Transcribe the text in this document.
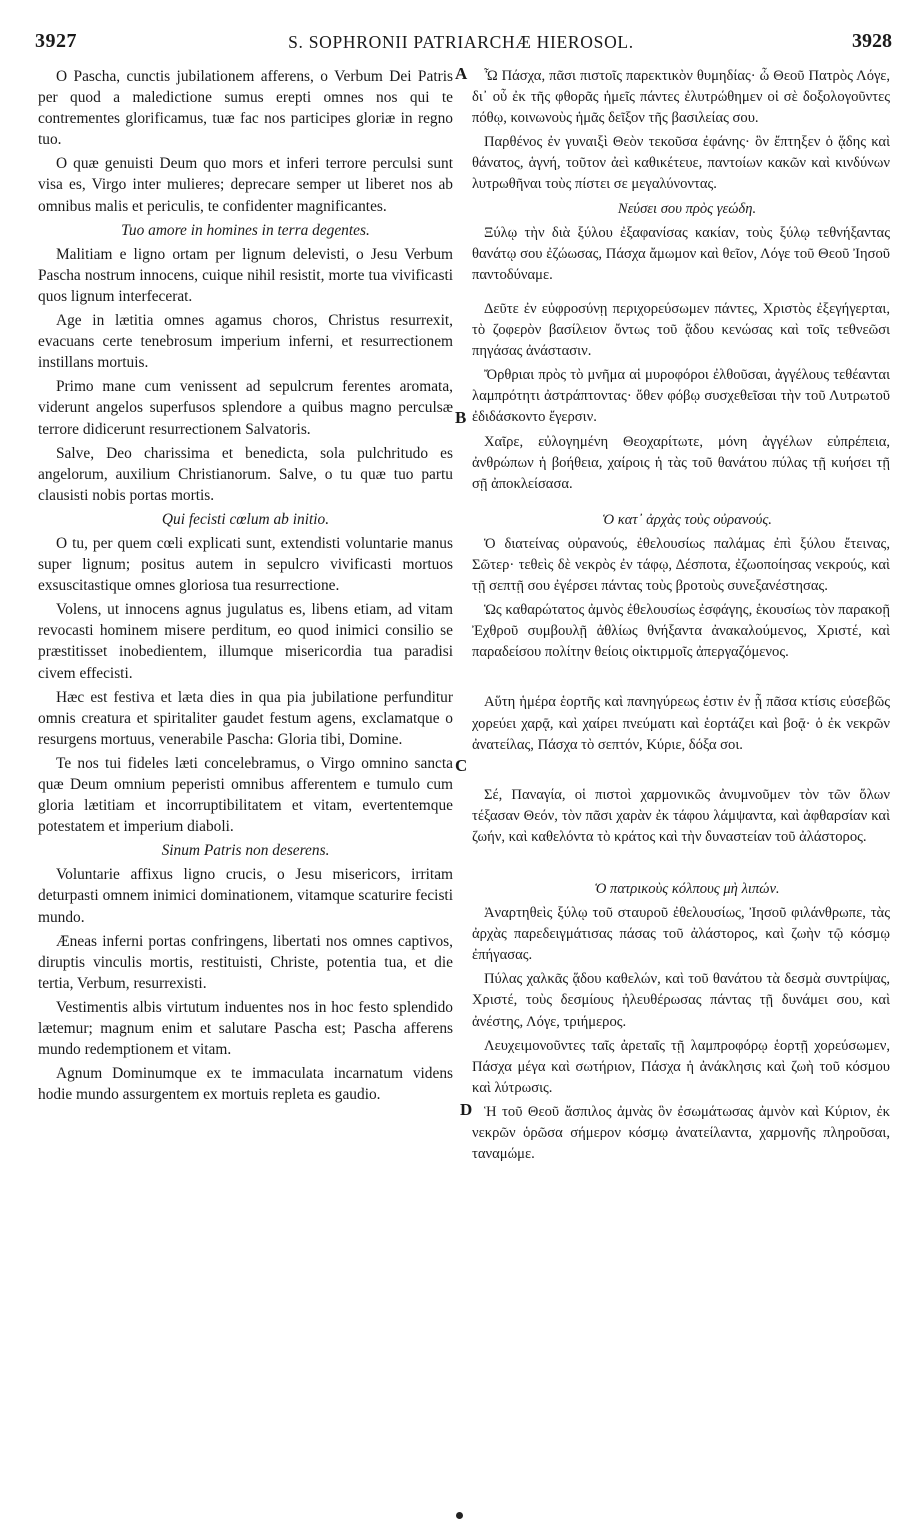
3927	S. SOPHRONII PATRIARCHÆ HIEROSOL.	3928

O Pascha, cunctis jubilationem afferens, o Verbum Dei Patris per quod a maledictione sumus erepti omnes nos qui te contrementes glorificamus, tuæ fac nos participes gloriæ in regno tuo.

O quæ genuisti Deum quo mors et inferi terrore perculsi sunt visa es, Virgo inter mulieres; deprecare semper ut liberet nos ab omnibus malis et periculis, te confidenter magnificantes.

Tuo amore in homines in terra degentes.

Malitiam e ligno ortam per lignum delevisti, o Jesu Verbum Pascha nostrum innocens, cuique nihil resistit, morte tua vivificasti quos lignum interfecerat.

Age in lætitia omnes agamus choros, Christus resurrexit, evacuans certe tenebrosum imperium inferni, et resurrectionem instillans mortuis.

Primo mane cum venissent ad sepulcrum ferentes aromata, viderunt angelos superfusos splendore a quibus magno perculsæ terrore didicerunt resurrectionem Salvatoris.

Salve, Deo charissima et benedicta, sola pulchritudo es angelorum, auxilium Christianorum. Salve, o tu quæ tuo partu clausisti nobis portas mortis.

Qui fecisti cœlum ab initio.

O tu, per quem cœli explicati sunt, extendisti voluntarie manus super lignum; positus autem in sepulcro vivificasti mortuos exsuscitastique omnes gloriosa tua resurrectione.

Volens, ut innocens agnus jugulatus es, libens etiam, ad vitam revocasti hominem misere perditum, eo quod inimici consilio se præstitisset inobedientem, illumque misericordia tua paradisi civem effecisti.

Hæc est festiva et læta dies in qua pia jubilatione perfunditur omnis creatura et spiritaliter gaudet festum agens, exclamatque o resurgens mortuus, venerabile Pascha: Gloria tibi, Domine.

Te nos tui fideles læti concelebramus, o Virgo omnino sancta quæ Deum omnium peperisti omnibus afferentem e tumulo cum gloria lætitiam et incorruptibilitatem et vitam, evertentemque potestatem et imperium diaboli.

Sinum Patris non deserens.

Voluntarie affixus ligno crucis, o Jesu misericors, irritam deturpasti omnem inimici dominationem, vitamque scaturire fecisti mundo.

Æneas inferni portas confringens, libertati nos omnes captivos, diruptis vinculis mortis, restituisti, Christe, potentia tua, et die tertia, Verbum, resurrexisti.

Vestimentis albis virtutum induentes nos in hoc festo splendido lætemur; magnum enim et salutare Pascha est; Pascha afferens mundo redemptionem et vitam.

Agnum Dominumque ex te immaculata incarnatum videns hodie mundo assurgentem ex mortuis repleta es gaudio.

Ὦ Πάσχα, πᾶσι πιστοῖς παρεκτικὸν θυμηδίας· ὦ Θεοῦ Πατρὸς Λόγε, δι᾽ οὗ ἐκ τῆς φθορᾶς ἡμεῖς πάντες ἐλυτρώθημεν οἱ σὲ δοξολογοῦντες πόθῳ, κοινωνοὺς ἡμᾶς δεῖξον τῆς βασιλείας σου.

Παρθένος ἐν γυναιξὶ Θεὸν τεκοῦσα ἐφάνης· ὃν ἔπτηξεν ὁ ᾅδης καὶ θάνατος, ἁγνή, τοῦτον ἀεὶ καθικέτευε, παντοίων κακῶν καὶ κινδύνων λυτρωθῆναι τοὺς πίστει σε μεγαλύνοντας.

Νεύσει σου πρὸς γεώδη.

Ξύλῳ τὴν διὰ ξύλου ἐξαφανίσας κακίαν, τοὺς ξύλῳ τεθνήξαντας θανάτῳ σου ἐζώωσας, Πάσχα ἄμωμον καὶ θεῖον, Λόγε τοῦ Θεοῦ Ἰησοῦ παντοδύναμε.

Δεῦτε ἐν εὐφροσύνῃ περιχορεύσωμεν πάντες, Χριστὸς ἐξεγήγερται, τὸ ζοφερὸν βασίλειον ὄντως τοῦ ᾅδου κενώσας καὶ τοῖς τεθνεῶσι πηγάσας ἀνάστασιν.

Ὄρθριαι πρὸς τὸ μνῆμα αἱ μυροφόροι ἐλθοῦσαι, ἀγγέλους τεθέανται λαμπρότητι ἀστράπτοντας· ὅθεν φόβῳ συσχεθεῖσαι τὴν τοῦ Λυτρωτοῦ ἐδιδάσκοντο ἔγερσιν.

Χαῖρε, εὐλογημένη Θεοχαρίτωτε, μόνη ἀγγέλων εὐπρέπεια, ἀνθρώπων ἡ βοήθεια, χαίροις ἡ τὰς τοῦ θανάτου πύλας τῇ κυήσει τῇ σῇ ἀποκλείσασα.

Ὁ κατ᾽ ἀρχὰς τοὺς οὐρανούς.

Ὁ διατείνας οὐρανούς, ἐθελουσίως παλάμας ἐπὶ ξύλου ἔτεινας, Σῶτερ· τεθεὶς δὲ νεκρὸς ἐν τάφῳ, Δέσποτα, ἐζωοποίησας νεκρούς, καὶ τῇ σεπτῇ σου ἐγέρσει πάντας τοὺς βροτοὺς συνεξανέστησας.

Ὡς καθαρώτατος ἀμνὸς ἐθελουσίως ἐσφάγης, ἑκουσίως τὸν παρακοῇ Ἐχθροῦ συμβουλῇ ἀθλίως θνήξαντα ἀνακαλούμενος, Χριστέ, καὶ παραδείσου πολίτην θείοις οἰκτιρμοῖς ἀπεργαζόμενος.

Αὕτη ἡμέρα ἑορτῆς καὶ πανηγύρεως ἐστιν ἐν ᾗ πᾶσα κτίσις εὐσεβῶς χορεύει χαρᾷ, καὶ χαίρει πνεύματι καὶ ἑορτάζει καὶ βοᾷ· ὁ ἐκ νεκρῶν ἀνατείλας, Πάσχα τὸ σεπτόν, Κύριε, δόξα σοι.

Σέ, Παναγία, οἱ πιστοὶ χαρμονικῶς ἀνυμνοῦμεν τὸν τῶν ὅλων τέξασαν Θεόν, τὸν πᾶσι χαρὰν ἐκ τάφου λάμψαντα, καὶ ἀφθαρσίαν καὶ ζωήν, καὶ καθελόντα τὸ κράτος καὶ τὴν δυναστείαν τοῦ ἀλάστορος.

Ὁ πατρικοὺς κόλπους μὴ λιπών.

Ἀναρτηθεὶς ξύλῳ τοῦ σταυροῦ ἐθελουσίως, Ἰησοῦ φιλάνθρωπε, τὰς ἀρχὰς παρεδειγμάτισας πάσας τοῦ ἀλάστορος, καὶ ζωὴν τῷ κόσμῳ ἐπήγασας.

Πύλας χαλκᾶς ᾅδου καθελών, καὶ τοῦ θανάτου τὰ δεσμὰ συντρίψας, Χριστέ, τοὺς δεσμίους ἠλευθέρωσας πάντας τῇ δυνάμει σου, καὶ ἀνέστης, Λόγε, τριήμερος.

Λευχειμονοῦντες ταῖς ἀρεταῖς τῇ λαμπροφόρῳ ἑορτῇ χορεύσωμεν, Πάσχα μέγα καὶ σωτήριον, Πάσχα ἡ ἀνάκλησις καὶ ζωὴ τοῦ κόσμου καὶ λύτρωσις.

Ἡ τοῦ Θεοῦ ἄσπιλος ἀμνὰς ὃν ἐσωμάτωσας ἀμνὸν καὶ Κύριον, ἐκ νεκρῶν ὁρῶσα σήμερον κόσμῳ ἀνατείλαντα, χαρμονῆς πληροῦσαι, ταναμώμε.

A
B
C
D
